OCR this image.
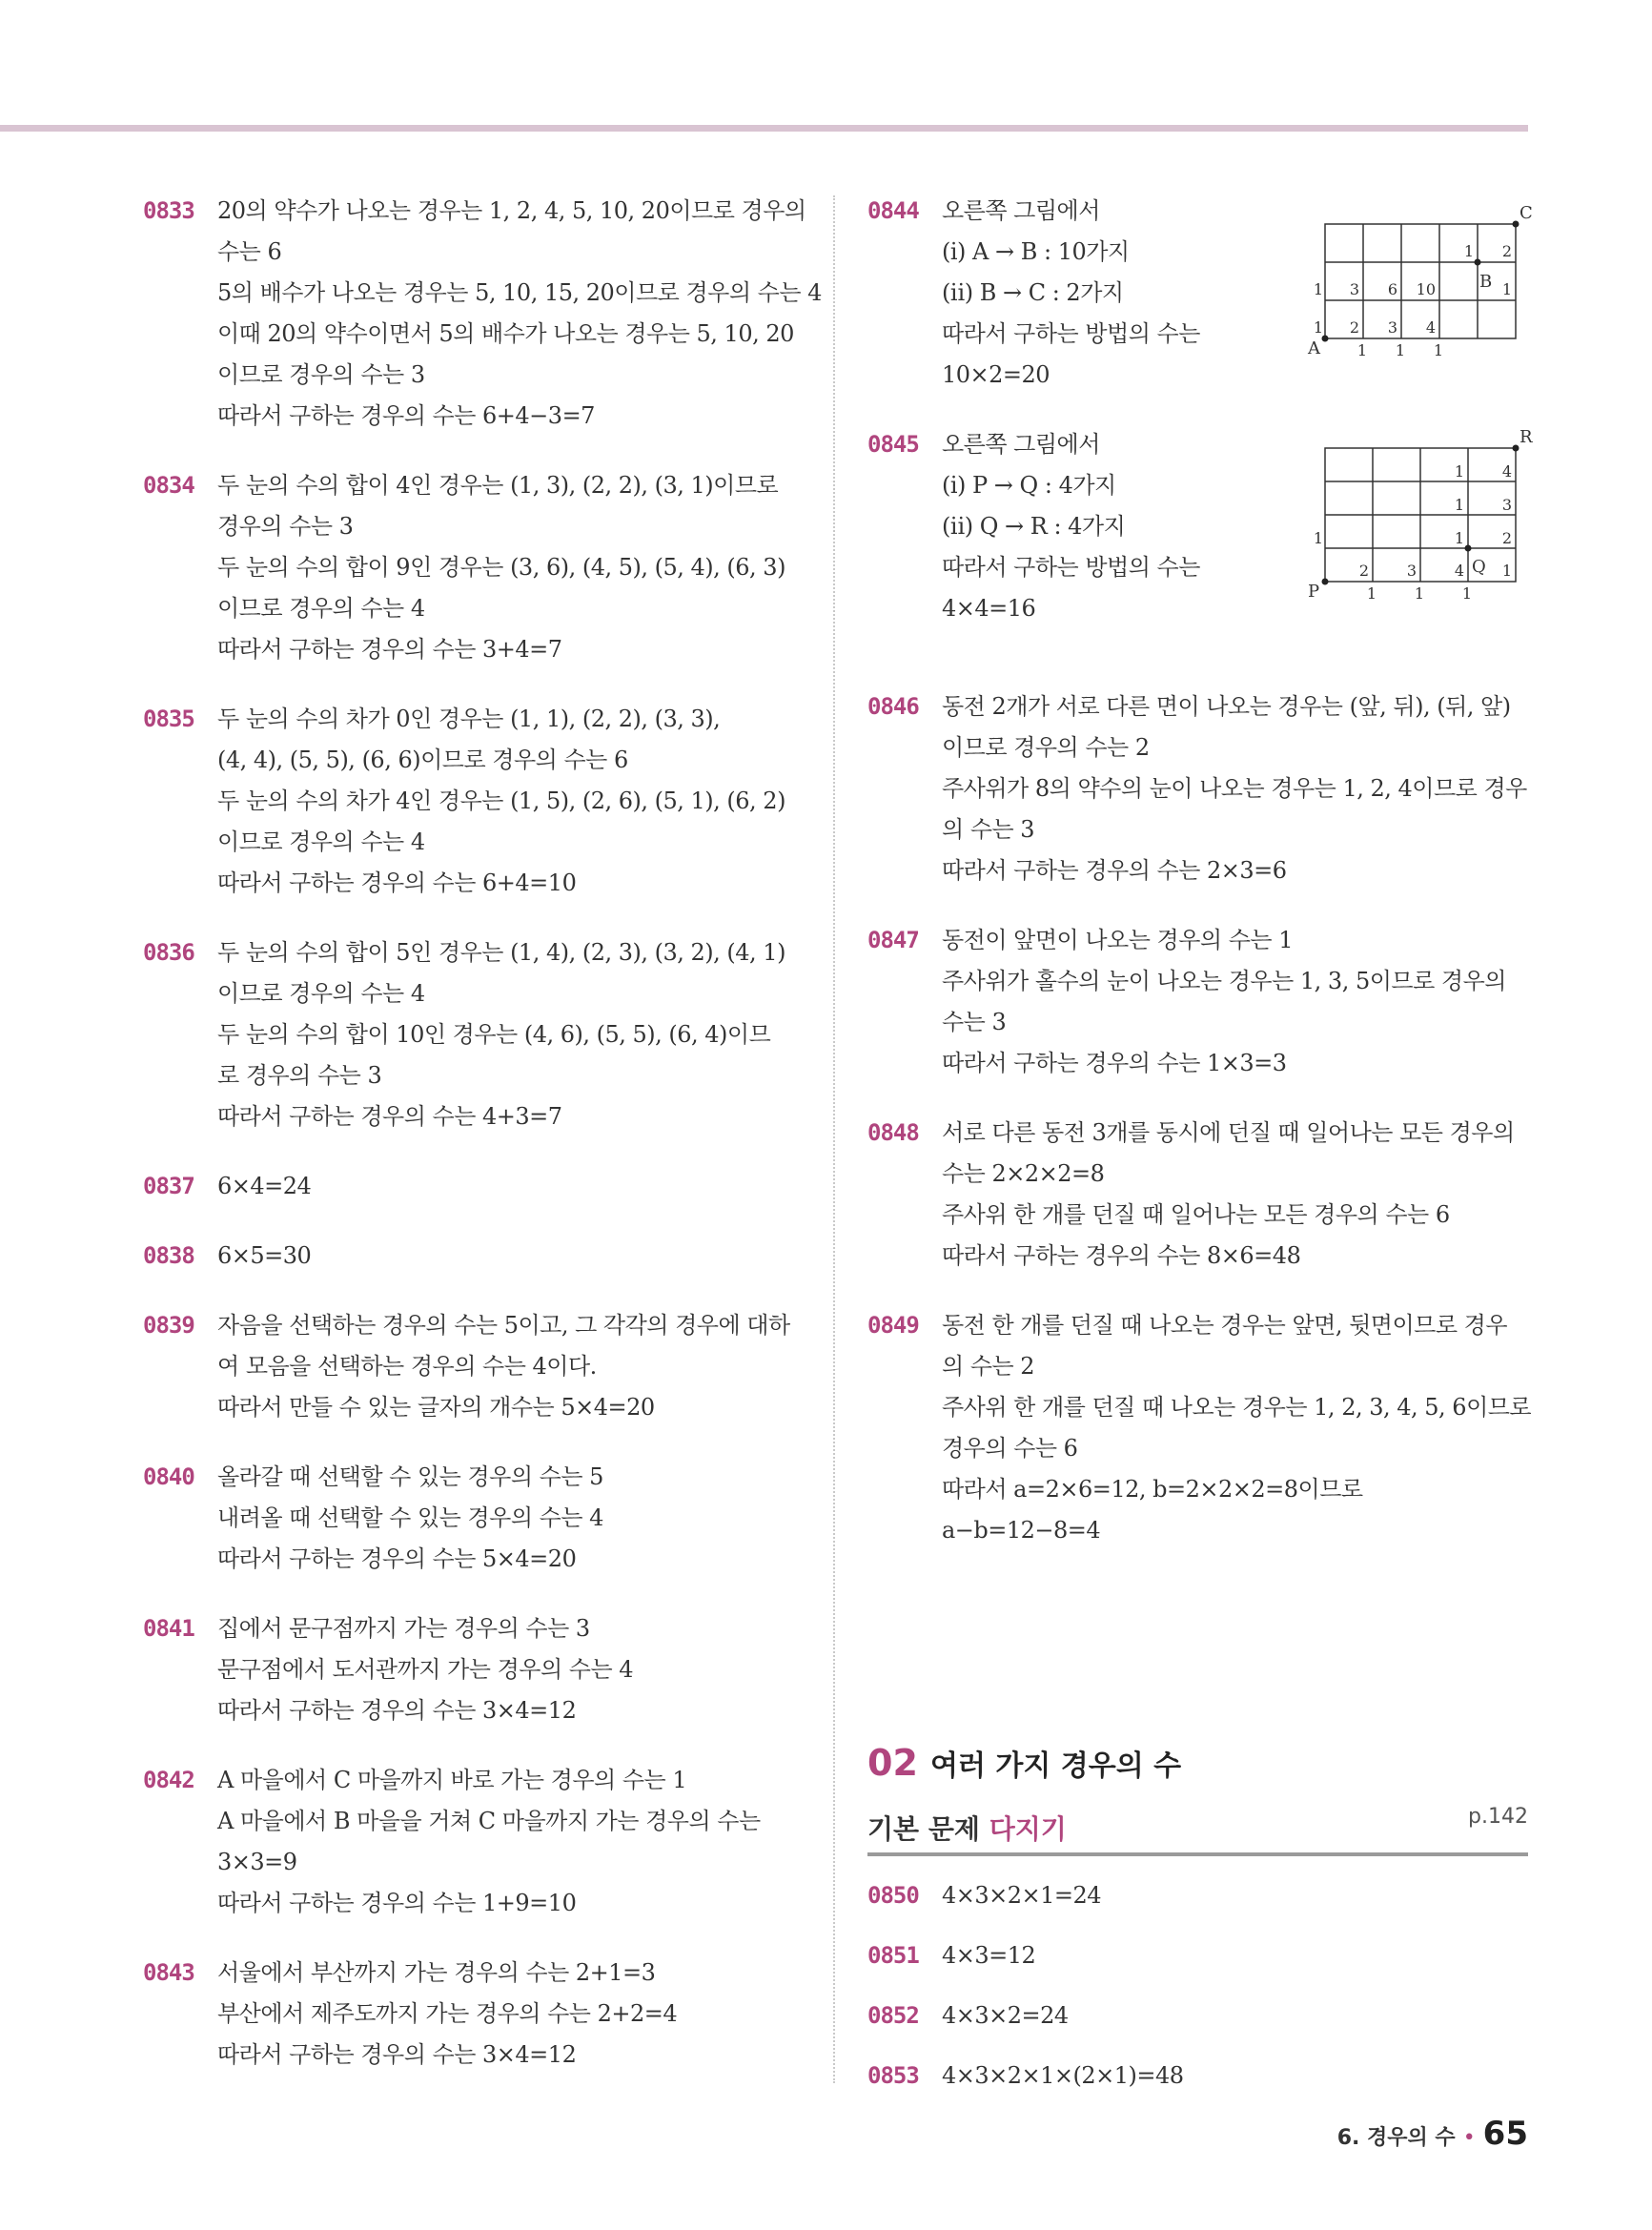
0833 20의 약수가 나오는 경우는 1, 2, 4, 5, 10, 20이므로 경우의
수는 6
5의 배수가 나오는 경우는 5, 10, 15, 20이므로 경우의 수는 4
이때 20의 약수이면서 5의 배수가 나오는 경우는 5, 10, 20
이므로 경우의 수는 3
따라서 구하는 경우의 수는 6+4−3=7
0834 두 눈의 수의 합이 4인 경우는 (1, 3), (2, 2), (3, 1)이므로
경우의 수는 3
두 눈의 수의 합이 9인 경우는 (3, 6), (4, 5), (5, 4), (6, 3)
이므로 경우의 수는 4
따라서 구하는 경우의 수는 3+4=7
0835 두 눈의 수의 차가 0인 경우는 (1, 1), (2, 2), (3, 3),
(4, 4), (5, 5), (6, 6)이므로 경우의 수는 6
두 눈의 수의 차가 4인 경우는 (1, 5), (2, 6), (5, 1), (6, 2)
이므로 경우의 수는 4
따라서 구하는 경우의 수는 6+4=10
0836 두 눈의 수의 합이 5인 경우는 (1, 4), (2, 3), (3, 2), (4, 1)
이므로 경우의 수는 4
두 눈의 수의 합이 10인 경우는 (4, 6), (5, 5), (6, 4)이므
로 경우의 수는 3
따라서 구하는 경우의 수는 4+3=7
0837 6×4=24
0838 6×5=30
0839 자음을 선택하는 경우의 수는 5이고, 그 각각의 경우에 대하
여 모음을 선택하는 경우의 수는 4이다.
따라서 만들 수 있는 글자의 개수는 5×4=20
0840 올라갈 때 선택할 수 있는 경우의 수는 5
내려올 때 선택할 수 있는 경우의 수는 4
따라서 구하는 경우의 수는 5×4=20
0841 집에서 문구점까지 가는 경우의 수는 3
문구점에서 도서관까지 가는 경우의 수는 4
따라서 구하는 경우의 수는 3×4=12
0842 A 마을에서 C 마을까지 바로 가는 경우의 수는 1
A 마을에서 B 마을을 거쳐 C 마을까지 가는 경우의 수는
3×3=9
따라서 구하는 경우의 수는 1+9=10
0843 서울에서 부산까지 가는 경우의 수는 2+1=3
부산에서 제주도까지 가는 경우의 수는 2+2=4
따라서 구하는 경우의 수는 3×4=12
0844 오른쪽 그림에서
(ⅰ) A → B : 10가지
(ⅱ) B → C : 2가지
따라서 구하는 방법의 수는
10×2=20
0845 오른쪽 그림에서
(ⅰ) P → Q : 4가지
(ⅱ) Q → R : 4가지
따라서 구하는 방법의 수는
4×4=16
0846 동전 2개가 서로 다른 면이 나오는 경우는 (앞, 뒤), (뒤, 앞)
이므로 경우의 수는 2
주사위가 8의 약수의 눈이 나오는 경우는 1, 2, 4이므로 경우
의 수는 3
따라서 구하는 경우의 수는 2×3=6
0847 동전이 앞면이 나오는 경우의 수는 1
주사위가 홀수의 눈이 나오는 경우는 1, 3, 5이므로 경우의
수는 3
따라서 구하는 경우의 수는 1×3=3
0848 서로 다른 동전 3개를 동시에 던질 때 일어나는 모든 경우의
수는 2×2×2=8
주사위 한 개를 던질 때 일어나는 모든 경우의 수는 6
따라서 구하는 경우의 수는 8×6=48
0849 동전 한 개를 던질 때 나오는 경우는 앞면, 뒷면이므로 경우
의 수는 2
주사위 한 개를 던질 때 나오는 경우는 1, 2, 3, 4, 5, 6이므로
경우의 수는 6
따라서 a=2×6=12, b=2×2×2=8이므로
a−b=12−8=4
02 여러 가지 경우의 수
기본 문제 다지기	p.142
0850 4×3×2×1=24
0851 4×3=12
0852 4×3×2=24
0853 4×3×2×1×(2×1)=48
A
B
C
1 2
1 3 6 10	1
1 2 3 4
1 1 1
P
Q
R
4
3
2
1
1
1
1
1
2 3 4
1 1 1
6. 경우의 수 • 65
